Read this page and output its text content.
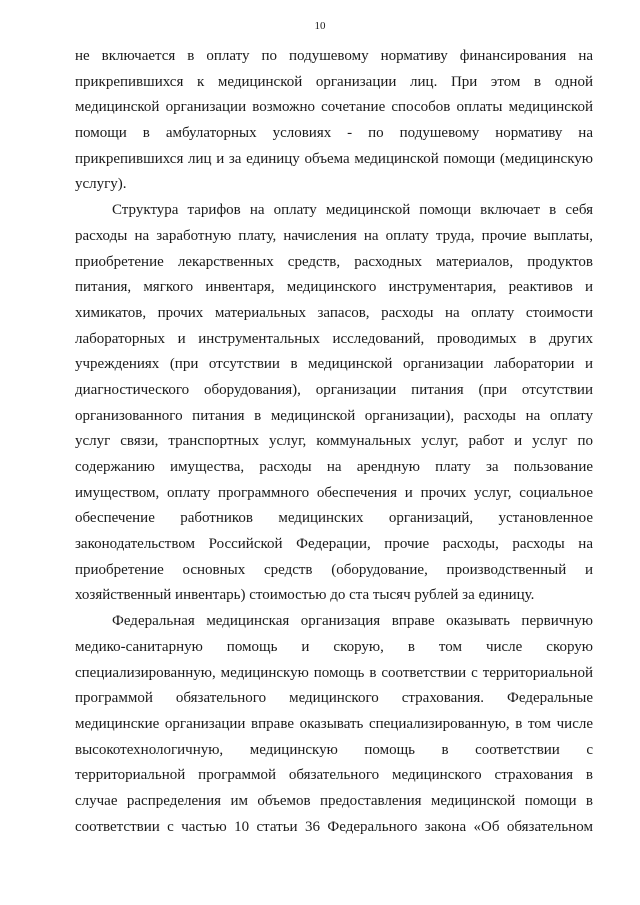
10
не включается в оплату по подушевому нормативу финансирования на
прикрепившихся к медицинской организации лиц. При этом в одной
медицинской организации возможно сочетание способов оплаты медицинской
помощи в амбулаторных условиях - по подушевому нормативу на
прикрепившихся лиц и за единицу объема медицинской помощи (медицинскую
услугу).
Структура тарифов на оплату медицинской помощи включает в себя
расходы на заработную плату, начисления на оплату труда, прочие выплаты,
приобретение лекарственных средств, расходных материалов, продуктов
питания, мягкого инвентаря, медицинского инструментария, реактивов и
химикатов, прочих материальных запасов, расходы на оплату стоимости
лабораторных и инструментальных исследований, проводимых в других
учреждениях (при отсутствии в медицинской организации лаборатории и
диагностического оборудования), организации питания (при отсутствии
организованного питания в медицинской организации), расходы на оплату
услуг связи, транспортных услуг, коммунальных услуг, работ и услуг по
содержанию имущества, расходы на арендную плату за пользование
имуществом, оплату программного обеспечения и прочих услуг, социальное
обеспечение работников медицинских организаций, установленное
законодательством Российской Федерации, прочие расходы, расходы на
приобретение основных средств (оборудование, производственный и
хозяйственный инвентарь) стоимостью до ста тысяч рублей за единицу.
Федеральная медицинская организация вправе оказывать первичную
медико-санитарную помощь и скорую, в том числе скорую
специализированную, медицинскую помощь в соответствии с территориальной
программой обязательного медицинского страхования. Федеральные
медицинские организации вправе оказывать специализированную, в том числе
высокотехнологичную, медицинскую помощь в соответствии с
территориальной программой обязательного медицинского страхования в
случае распределения им объемов предоставления медицинской помощи в
соответствии с частью 10 статьи 36 Федерального закона «Об обязательном
